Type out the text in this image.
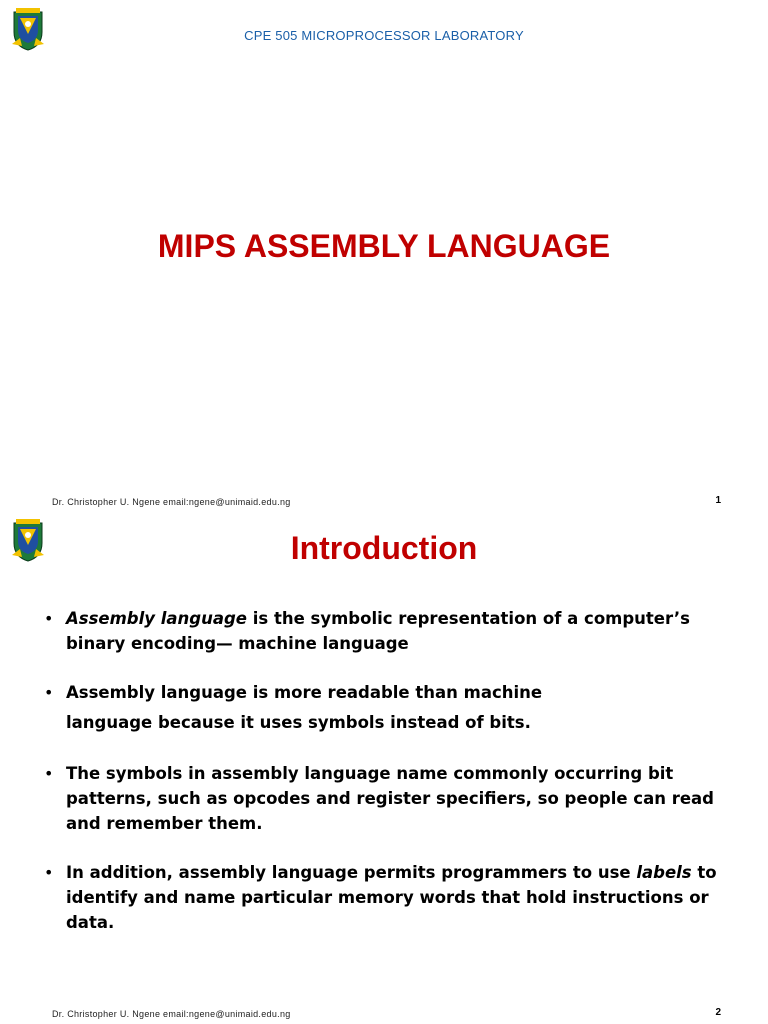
CPE 505 MICROPROCESSOR LABORATORY
MIPS ASSEMBLY LANGUAGE
Dr. Christopher U. Ngene email:ngene@unimaid.edu.ng	1
Introduction
• Assembly language is the symbolic representation of a computer’s binary encoding— machine language
• Assembly language is more readable than machine
language because it uses symbols instead of bits.
• The symbols in assembly language name commonly occurring bit patterns, such as opcodes and register specifiers, so people can read and remember them.
• In addition, assembly language permits programmers to use labels to identify and name particular memory words that hold instructions or data.
Dr. Christopher U. Ngene email:ngene@unimaid.edu.ng	2
